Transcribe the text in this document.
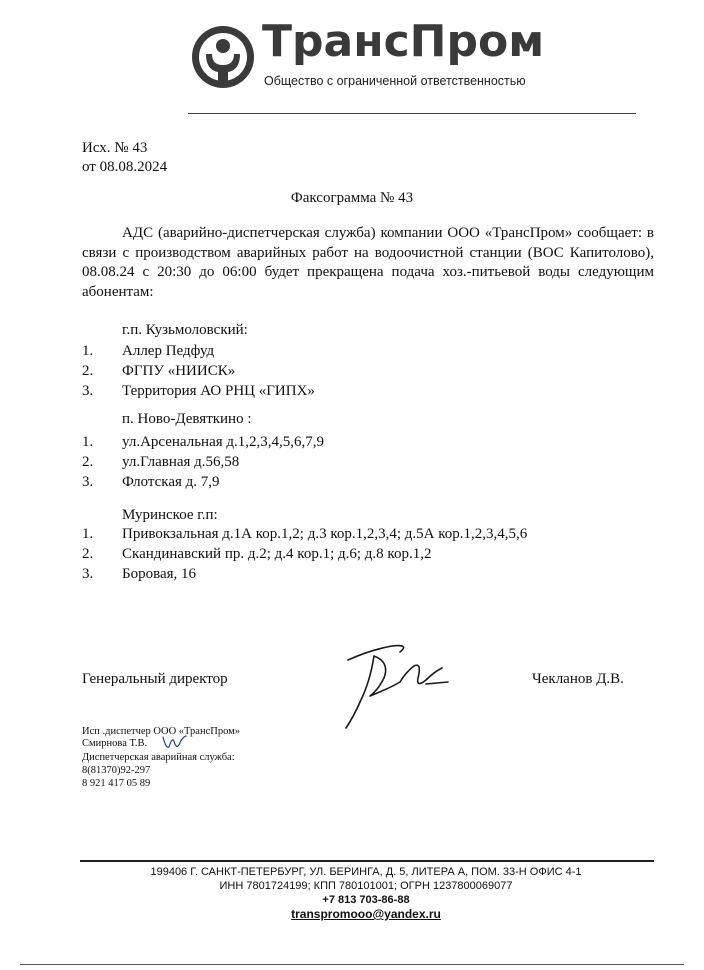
ТрансПром
Общество с ограниченной ответственностью
Исх. № 43
от 08.08.2024
Факсограмма № 43
АДС (аварийно-диспетчерская служба) компании ООО «ТрансПром» сообщает: в связи с производством аварийных работ на водоочистной станции (ВОС Капитолово), 08.08.24 с 20:30 до 06:00 будет прекращена подача хоз.-питьевой воды следующим абонентам:
г.п. Кузьмоловский:
1.	Аллер Педфуд
2.	ФГПУ «НИИСК»
3.	Территория АО РНЦ «ГИПХ»
п. Ново-Девяткино :
1.	ул.Арсенальная д.1,2,3,4,5,6,7,9
2.	ул.Главная д.56,58
3.	Флотская д. 7,9
Муринское г.п:
1.	Привокзальная д.1А кор.1,2; д.3 кор.1,2,3,4; д.5А кор.1,2,3,4,5,6
2.	Скандинавский пр. д.2; д.4 кор.1; д.6; д.8 кор.1,2
3.	Боровая, 16
Генеральный директор	Чекланов Д.В.
Исп .диспетчер ООО «ТрансПром»
Смирнова Т.В.
Диспетчерская аварийная служба:
8(81370)92-297
8 921 417 05 89
199406 Г. САНКТ-ПЕТЕРБУРГ, УЛ. БЕРИНГА, Д. 5, ЛИТЕРА А, ПОМ. 33-Н ОФИС 4-1
ИНН 7801724199; КПП 780101001; ОГРН 1237800069077
+7 813 703-86-88
transpromooo@yandex.ru
